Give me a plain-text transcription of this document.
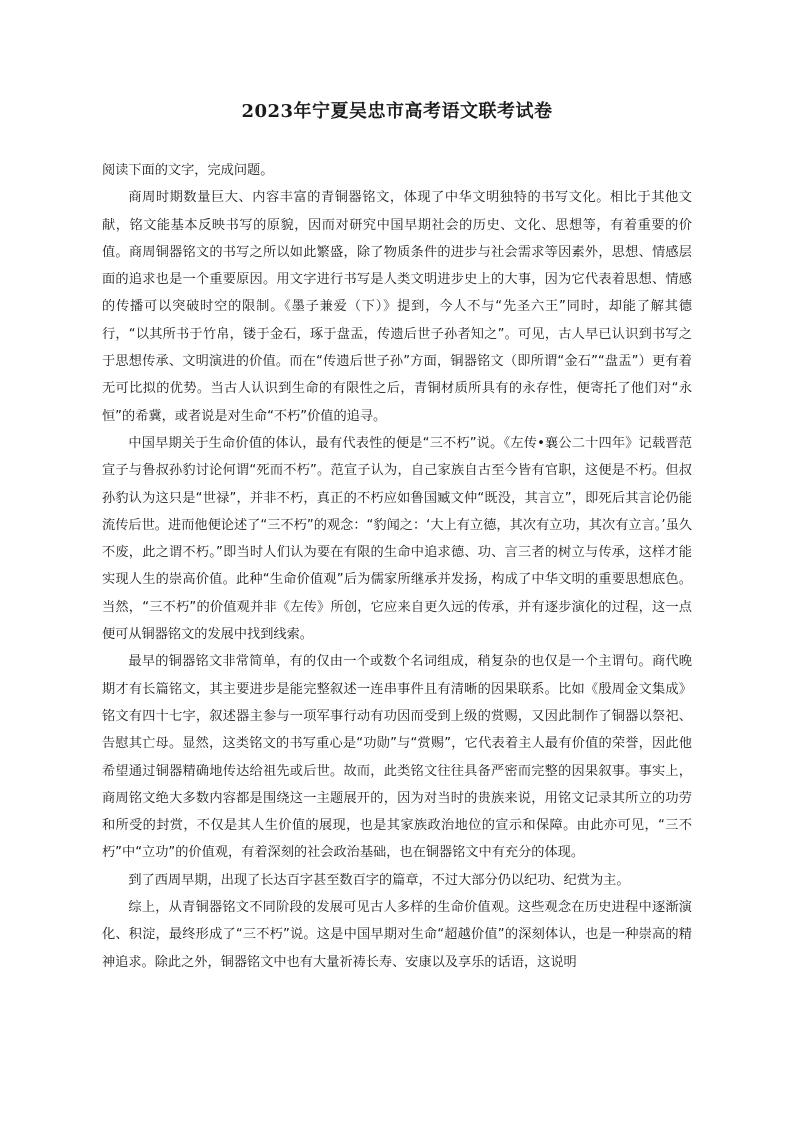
2023年宁夏吴忠市高考语文联考试卷

阅读下面的文字，完成问题。

商周时期数量巨大、内容丰富的青铜器铭文，体现了中华文明独特的书写文化。相比于其他文献，铭文能基本反映书写的原貌，因而对研究中国早期社会的历史、文化、思想等，有着重要的价值。商周铜器铭文的书写之所以如此繁盛，除了物质条件的进步与社会需求等因素外，思想、情感层面的追求也是一个重要原因。用文字进行书写是人类文明进步史上的大事，因为它代表着思想、情感的传播可以突破时空的限制。《墨子兼爱（下）》提到，今人不与“先圣六王”同时，却能了解其德行，“以其所书于竹帛，镂于金石，琢于盘盂，传遗后世子孙者知之”。可见，古人早已认识到书写之于思想传承、文明演进的价值。而在“传遗后世子孙”方面，铜器铭文（即所谓“金石”“盘盂”）更有着无可比拟的优势。当古人认识到生命的有限性之后，青铜材质所具有的永存性，便寄托了他们对“永恒”的希冀，或者说是对生命“不朽”价值的追寻。

中国早期关于生命价值的体认，最有代表性的便是“三不朽”说。《左传•襄公二十四年》记载晋范宣子与鲁叔孙豹讨论何谓“死而不朽”。范宣子认为，自己家族自古至今皆有官职，这便是不朽。但叔孙豹认为这只是“世禄”，并非不朽，真正的不朽应如鲁国臧文仲“既没，其言立”，即死后其言论仍能流传后世。进而他便论述了“三不朽”的观念：“豹闻之：‘大上有立德，其次有立功，其次有立言。’虽久不废，此之谓不朽。”即当时人们认为要在有限的生命中追求德、功、言三者的树立与传承，这样才能实现人生的崇高价值。此种“生命价值观”后为儒家所继承并发扬，构成了中华文明的重要思想底色。当然，“三不朽”的价值观并非《左传》所创，它应来自更久远的传承，并有逐步演化的过程，这一点便可从铜器铭文的发展中找到线索。

最早的铜器铭文非常简单，有的仅由一个或数个名词组成，稍复杂的也仅是一个主谓句。商代晚期才有长篇铭文，其主要进步是能完整叙述一连串事件且有清晰的因果联系。比如《殷周金文集成》铭文有四十七字，叙述器主参与一项军事行动有功因而受到上级的赏赐，又因此制作了铜器以祭祀、告慰其亡母。显然，这类铭文的书写重心是“功勋”与“赏赐”，它代表着主人最有价值的荣誉，因此他希望通过铜器精确地传达给祖先或后世。故而，此类铭文往往具备严密而完整的因果叙事。事实上，商周铭文绝大多数内容都是围绕这一主题展开的，因为对当时的贵族来说，用铭文记录其所立的功劳和所受的封赏，不仅是其人生价值的展现，也是其家族政治地位的宣示和保障。由此亦可见，“三不朽”中“立功”的价值观，有着深刻的社会政治基础，也在铜器铭文中有充分的体现。

到了西周早期，出现了长达百字甚至数百字的篇章，不过大部分仍以纪功、纪赏为主。

综上，从青铜器铭文不同阶段的发展可见古人多样的生命价值观。这些观念在历史进程中逐渐演化、积淀，最终形成了“三不朽”说。这是中国早期对生命“超越价值”的深刻体认，也是一种崇高的精神追求。除此之外，铜器铭文中也有大量祈祷长寿、安康以及享乐的话语，这说明
